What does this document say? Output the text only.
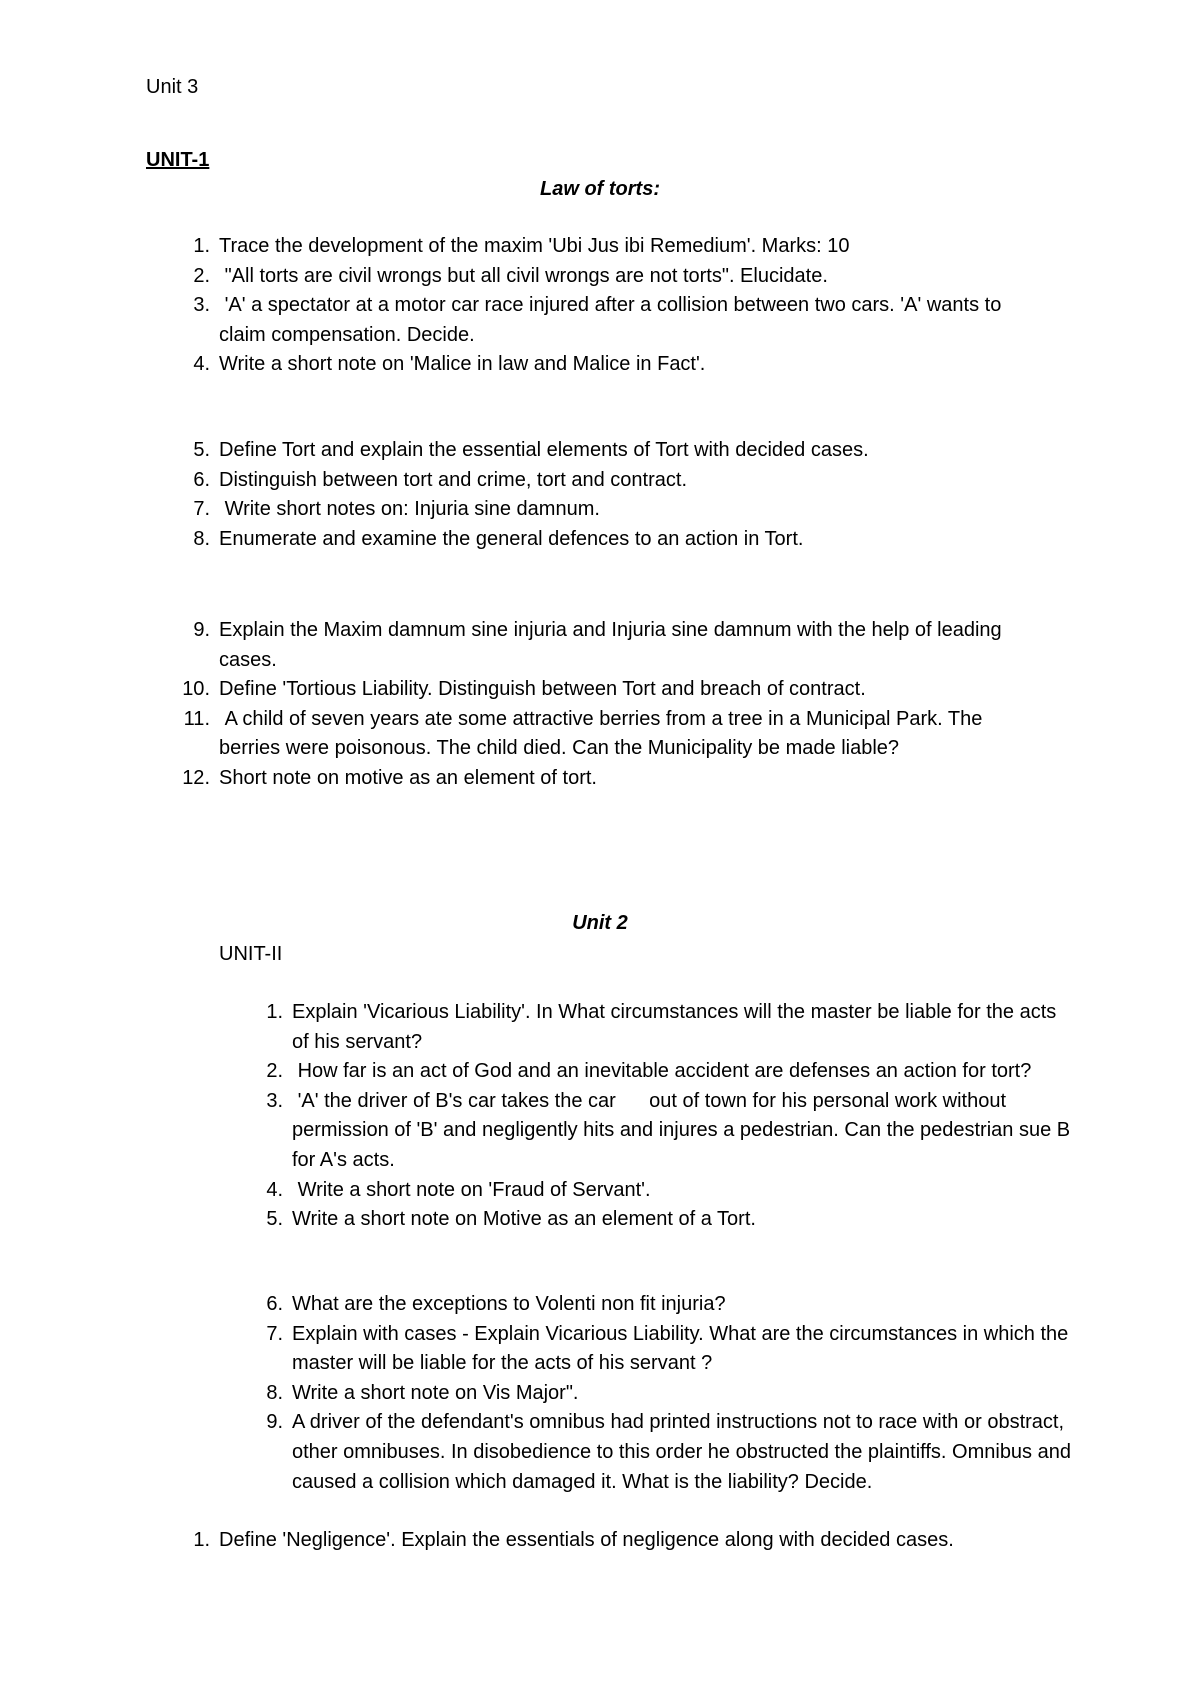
Unit 3
UNIT-1
Law of torts:
1 . Trace the development of the maxim 'Ubi Jus ibi Remedium'. Marks: 10
2 . "All torts are civil wrongs but all civil wrongs are not torts". Elucidate.
3 . 'A' a spectator at a motor car race injured after a collision between two cars. 'A' wants to claim compensation. Decide.
4 . Write a short note on 'Malice in law and Malice in Fact'.
5 . Define Tort and explain the essential elements of Tort with decided cases.
6 . Distinguish between tort and crime, tort and contract.
7 . Write short notes on: Injuria sine damnum.
8 . Enumerate and examine the general defences to an action in Tort.
9 . Explain the Maxim damnum sine injuria and Injuria sine damnum with the help of leading cases.
10 . Define 'Tortious Liability. Distinguish between Tort and breach of contract.
11 . A child of seven years ate some attractive berries from a tree in a Municipal Park. The berries were poisonous. The child died. Can the Municipality be made liable?
12 . Short note on motive as an element of tort.
Unit 2
UNIT-II
1 . Explain 'Vicarious Liability'. In What circumstances will the master be liable for the acts of his servant?
2 . How far is an act of God and an inevitable accident are defenses an action for tort?
3 . 'A' the driver of B's car takes the car      out of town for his personal work without permission of 'B' and negligently hits and injures a pedestrian. Can the pedestrian sue B for A's acts.
4 . Write a short note on 'Fraud of Servant'.
5 . Write a short note on Motive as an element of a Tort.
6 . What are the exceptions to Volenti non fit injuria?
7 . Explain with cases - Explain Vicarious Liability. What are the circumstances in which the master will be liable for the acts of his servant ?
8 . Write a short note on Vis Major".
9 . A driver of the defendant's omnibus had printed instructions not to race with or obstract, other omnibuses. In disobedience to this order he obstructed the plaintiffs. Omnibus and caused a collision which damaged it. What is the liability? Decide.
1 . Define 'Negligence'. Explain the essentials of negligence along with decided cases.
